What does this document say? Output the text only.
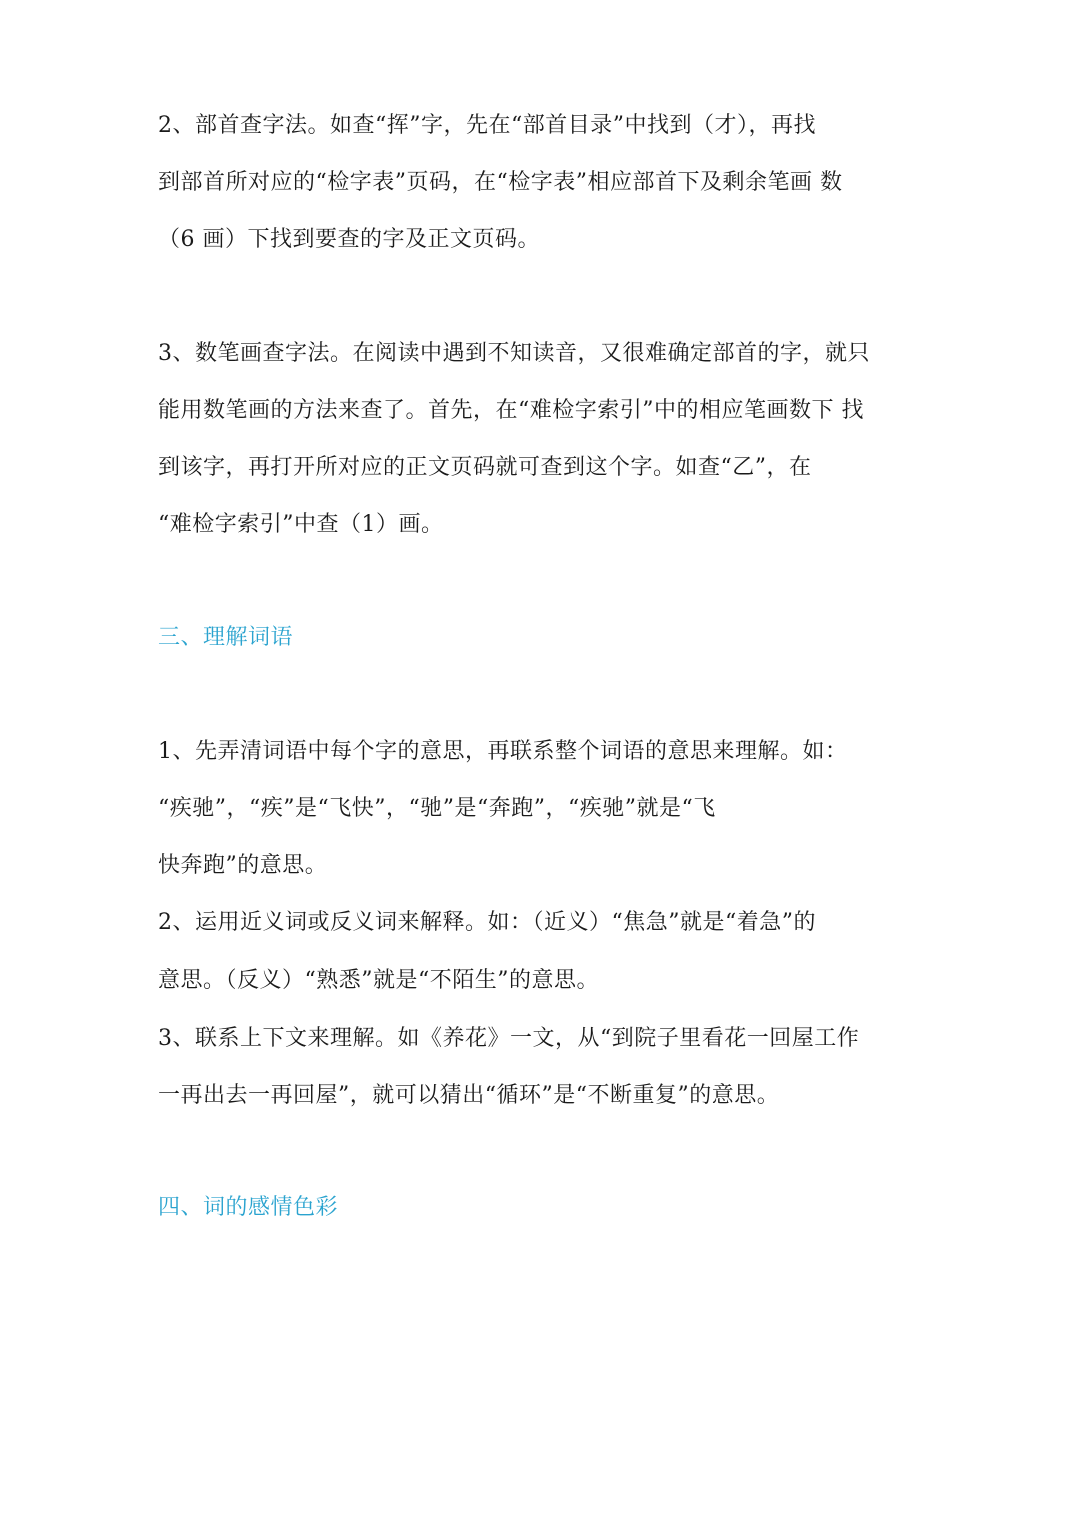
2、部首查字法。如查“挥”字，先在“部首目录”中找到（才），再找
到部首所对应的“检字表”页码，在“检字表”相应部首下及剩余笔画 数
（6 画）下找到要查的字及正文页码。
3、数笔画查字法。在阅读中遇到不知读音，又很难确定部首的字，就只
能用数笔画的方法来查了。首先，在“难检字索引”中的相应笔画数下 找
到该字，再打开所对应的正文页码就可查到这个字。如查“乙”，在
“难检字索引”中查（1）画。
三、理解词语
1、先弄清词语中每个字的意思，再联系整个词语的意思来理解。如：
“疾驰”，“疾”是“飞快”，“驰”是“奔跑”，“疾驰”就是“飞
快奔跑”的意思。
2、运用近义词或反义词来解释。如：（近义）“焦急”就是“着急”的
意思。（反义）“熟悉”就是“不陌生”的意思。
3、联系上下文来理解。如《养花》一文，从“到院子里看花一回屋工作
一再出去一再回屋”，就可以猜出“循环”是“不断重复”的意思。
四、词的感情色彩
